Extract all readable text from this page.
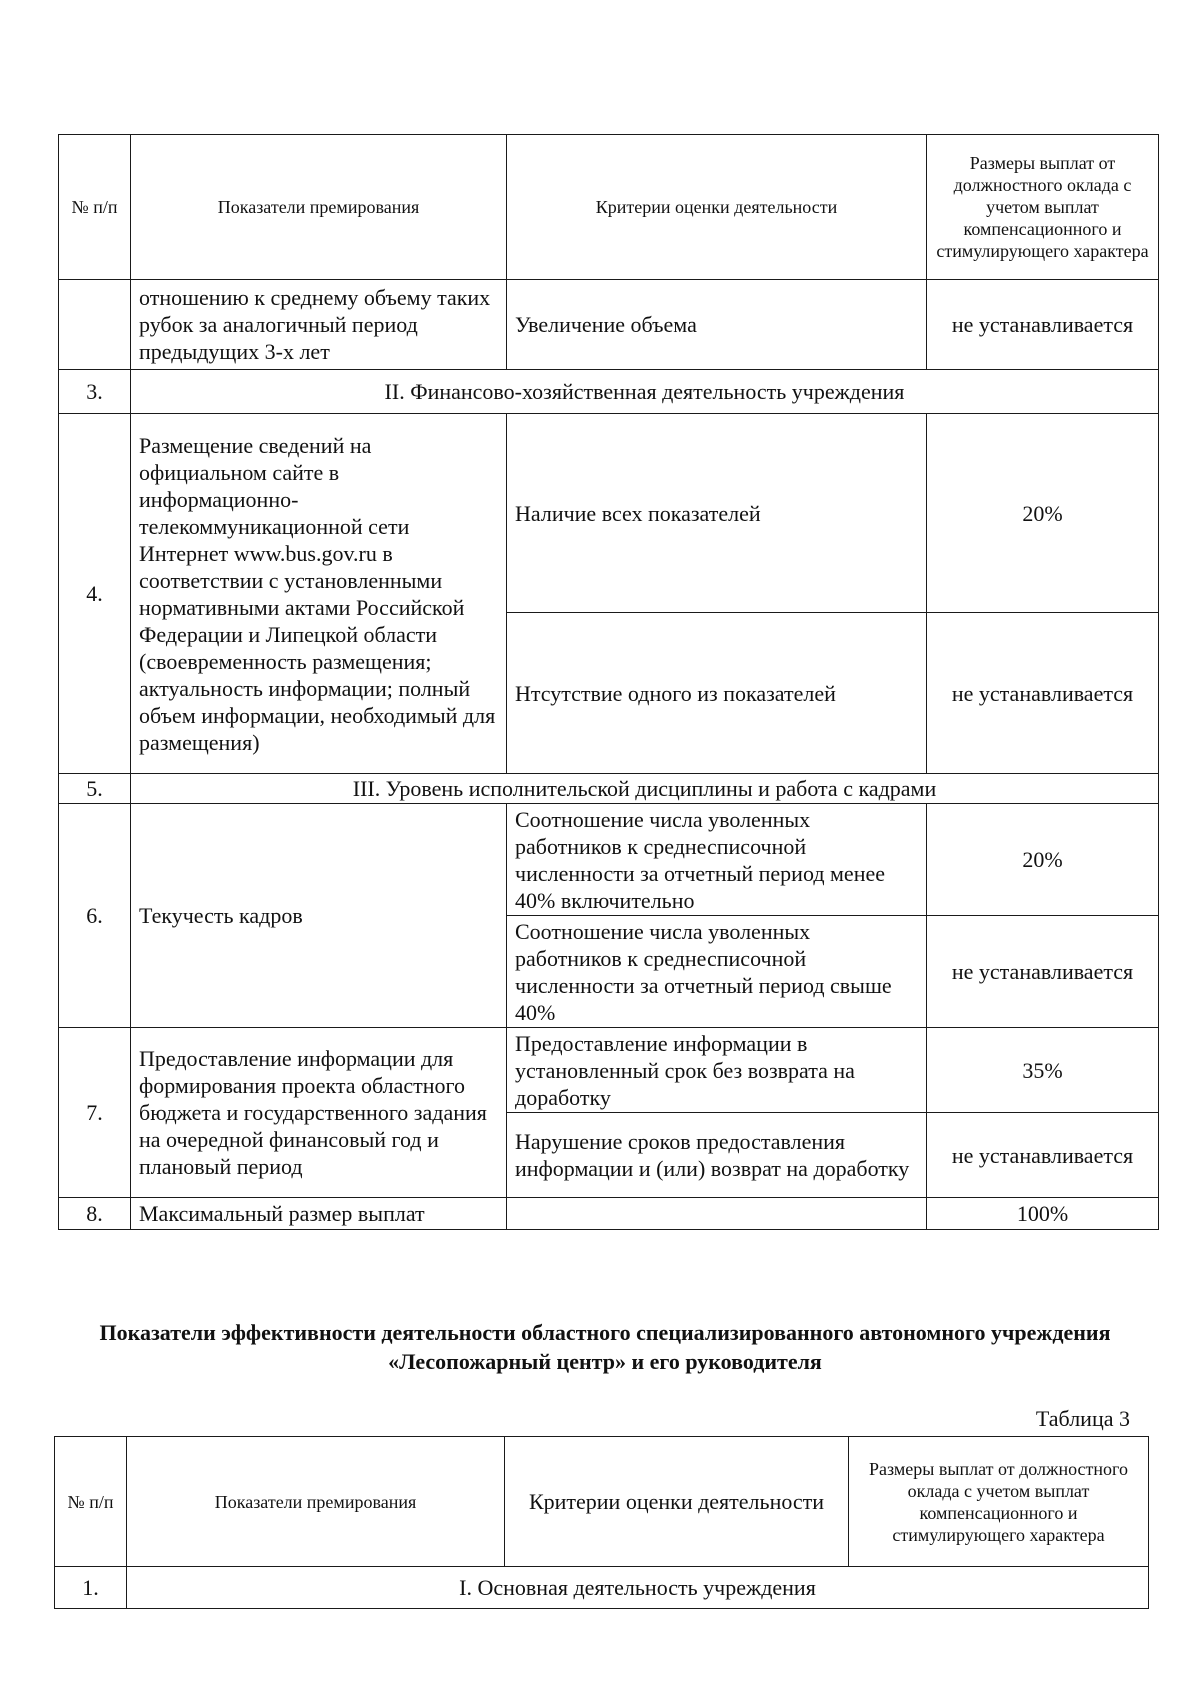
№ п/п	Показатели премирования	Критерии оценки деятельности	Размеры выплат от должностного оклада с учетом выплат компенсационного и стимулирующего характера
	отношению к среднему объему таких рубок за аналогичный период предыдущих 3-х лет	Увеличение объема	не устанавливается
3.	II. Финансово-хозяйственная деятельность учреждения		
4.	Размещение сведений на официальном сайте в информационно-телекоммуникационной сети Интернет www.bus.gov.ru в соответствии с установленными нормативными актами Российской Федерации и Липецкой области (своевременность размещения; актуальность информации; полный объем информации, необходимый для размещения)	Наличие всех показателей	20%
		Нтсутствие одного из показателей	не устанавливается
5.	III. Уровень исполнительской дисциплины и работа с кадрами		
6.	Текучесть кадров	Соотношение числа уволенных работников к среднесписочной численности за отчетный период менее 40% включительно	20%
		Соотношение числа уволенных работников к среднесписочной численности за отчетный период свыше 40%	не устанавливается
7.	Предоставление информации для формирования проекта областного бюджета и государственного задания на очередной финансовый год и плановый период	Предоставление информации в установленный срок без возврата на доработку	35%
		Нарушение сроков предоставления информации и (или) возврат на доработку	не устанавливается
8.	Максимальный размер выплат		100%
Показатели эффективности деятельности областного специализированного автономного учреждения «Лесопожарный центр» и его руководителя
Таблица 3
№ п/п	Показатели премирования	Критерии оценки деятельности	Размеры выплат от должностного оклада с учетом выплат компенсационного и стимулирующего характера
1.	I. Основная деятельность учреждения		
